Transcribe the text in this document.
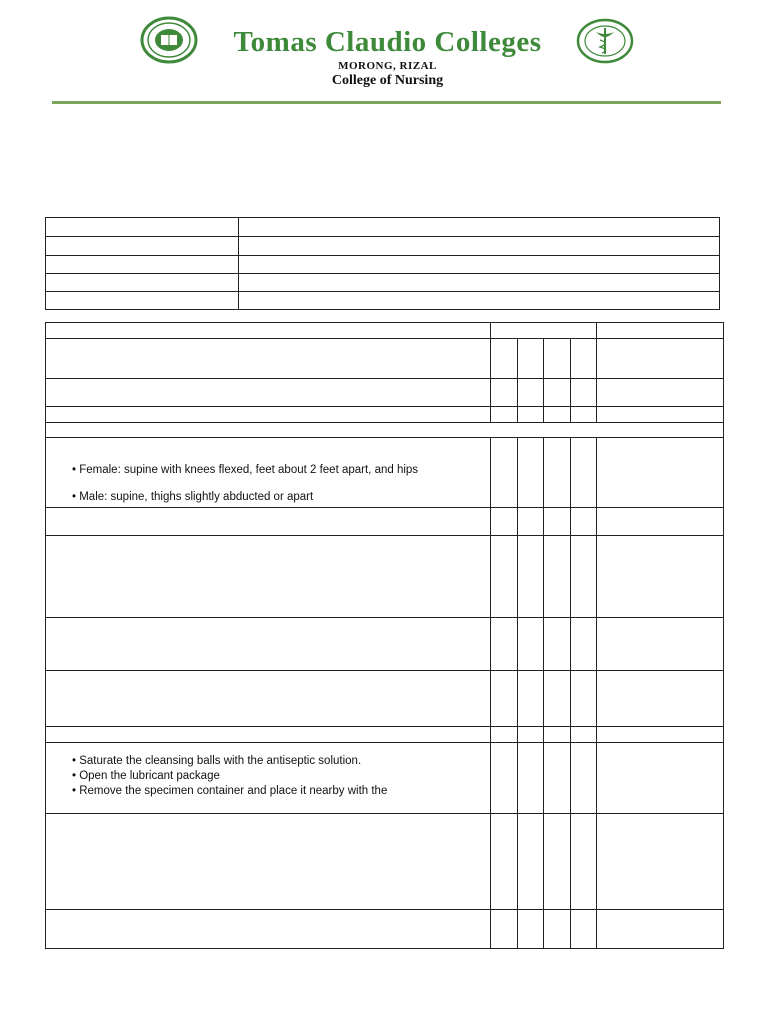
Tomas Claudio Colleges
MORONG, RIZAL
College of Nursing
• Female: supine with knees flexed, feet about 2 feet apart, and hips
• Male: supine, thighs slightly abducted or apart
• Saturate the cleansing balls with the antiseptic solution.
• Open the lubricant package
• Remove the specimen container and place it nearby with the
